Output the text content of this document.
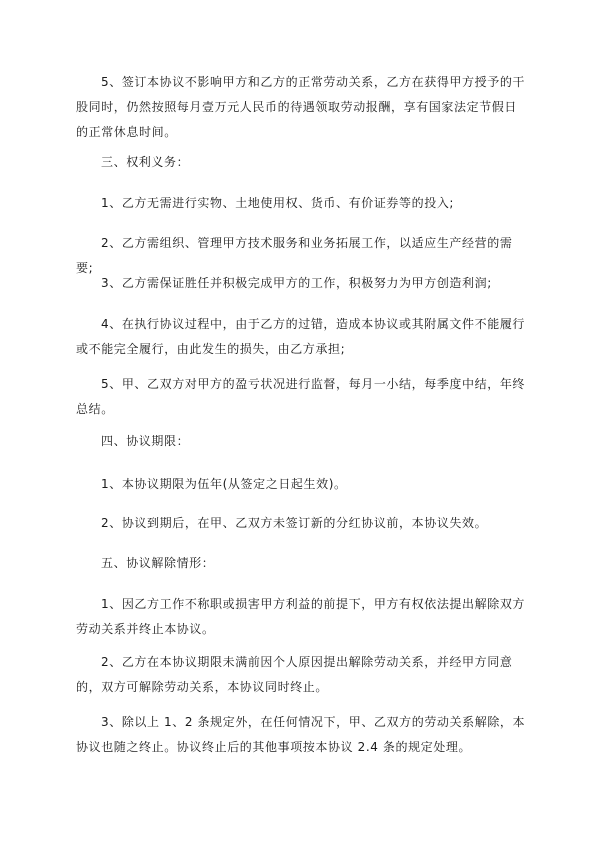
5、签订本协议不影响甲方和乙方的正常劳动关系，乙方在获得甲方授予的干股同时，仍然按照每月壹万元人民币的待遇领取劳动报酬，享有国家法定节假日的正常休息时间。
三、权利义务：
1、乙方无需进行实物、土地使用权、货币、有价证券等的投入;
2、乙方需组织、管理甲方技术服务和业务拓展工作，以适应生产经营的需要;
3、乙方需保证胜任并积极完成甲方的工作，积极努力为甲方创造利润;
4、在执行协议过程中，由于乙方的过错，造成本协议或其附属文件不能履行或不能完全履行，由此发生的损失，由乙方承担;
5、甲、乙双方对甲方的盈亏状况进行监督，每月一小结，每季度中结，年终总结。
四、协议期限：
1、本协议期限为伍年(从签定之日起生效)。
2、协议到期后，在甲、乙双方未签订新的分红协议前，本协议失效。
五、协议解除情形：
1、因乙方工作不称职或损害甲方利益的前提下，甲方有权依法提出解除双方劳动关系并终止本协议。
2、乙方在本协议期限未满前因个人原因提出解除劳动关系，并经甲方同意的，双方可解除劳动关系，本协议同时终止。
3、除以上 1、2 条规定外，在任何情况下，甲、乙双方的劳动关系解除，本协议也随之终止。协议终止后的其他事项按本协议 2.4 条的规定处理。
